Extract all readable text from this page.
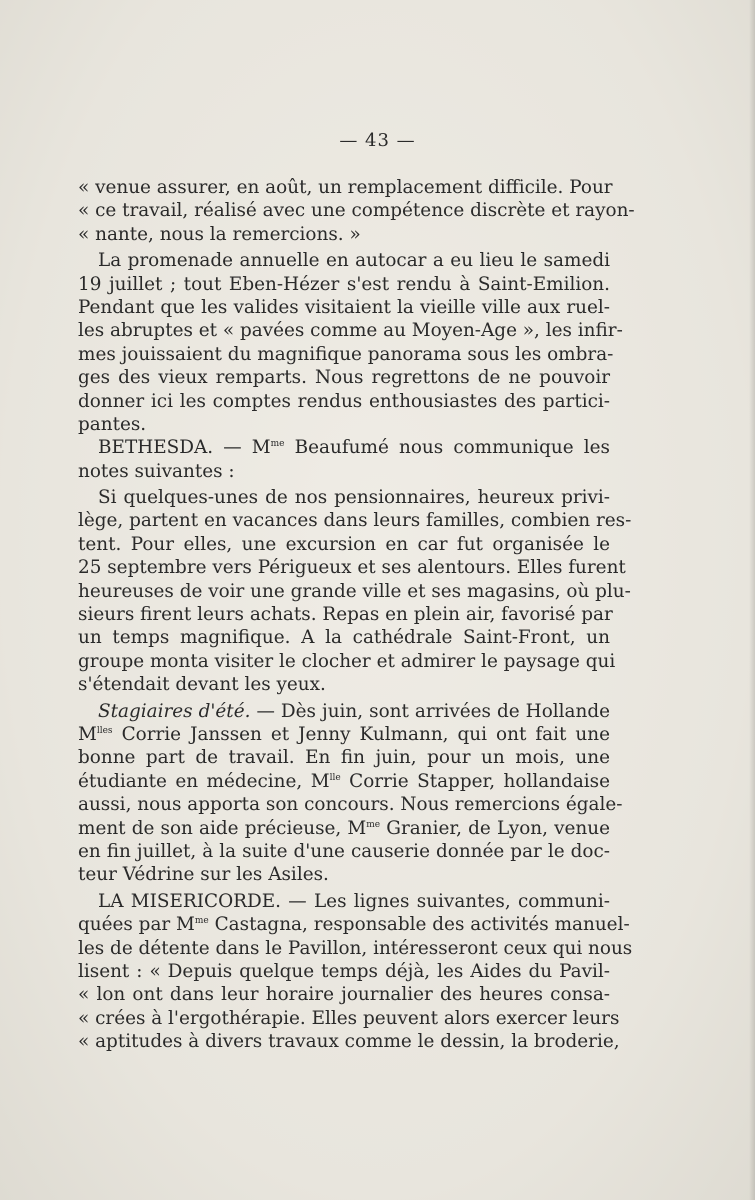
— 43 —
« venue assurer, en août, un remplacement difficile. Pour
« ce travail, réalisé avec une compétence discrète et rayon-
« nante, nous la remercions. »
La promenade annuelle en autocar a eu lieu le samedi
19 juillet ; tout Eben-Hézer s'est rendu à Saint-Emilion.
Pendant que les valides visitaient la vieille ville aux ruel-
les abruptes et « pavées comme au Moyen-Age », les infir-
mes jouissaient du magnifique panorama sous les ombra-
ges des vieux remparts. Nous regrettons de ne pouvoir
donner ici les comptes rendus enthousiastes des partici-
pantes.
BETHESDA. — $M^{me}$ Beaufumé nous communique les
notes suivantes :
Si quelques-unes de nos pensionnaires, heureux privi-
lège, partent en vacances dans leurs familles, combien res-
tent. Pour elles, une excursion en car fut organisée le
25 septembre vers Périgueux et ses alentours. Elles furent
heureuses de voir une grande ville et ses magasins, où plu-
sieurs firent leurs achats. Repas en plein air, favorisé par
un temps magnifique. A la cathédrale Saint-Front, un
groupe monta visiter le clocher et admirer le paysage qui
s'étendait devant les yeux.
Stagiaires d'été. — Dès juin, sont arrivées de Hollande
$M^{lles}$ Corrie Janssen et Jenny Kulmann, qui ont fait une
bonne part de travail. En fin juin, pour un mois, une
étudiante en médecine, $M^{lle}$ Corrie Stapper, hollandaise
aussi, nous apporta son concours. Nous remercions égale-
ment de son aide précieuse, $M^{me}$ Granier, de Lyon, venue
en fin juillet, à la suite d'une causerie donnée par le doc-
teur Védrine sur les Asiles.
LA MISERICORDE. — Les lignes suivantes, communi-
quées par $M^{me}$ Castagna, responsable des activités manuel-
les de détente dans le Pavillon, intéresseront ceux qui nous
lisent : « Depuis quelque temps déjà, les Aides du Pavil-
« lon ont dans leur horaire journalier des heures consa-
« crées à l'ergothérapie. Elles peuvent alors exercer leurs
« aptitudes à divers travaux comme le dessin, la broderie,
